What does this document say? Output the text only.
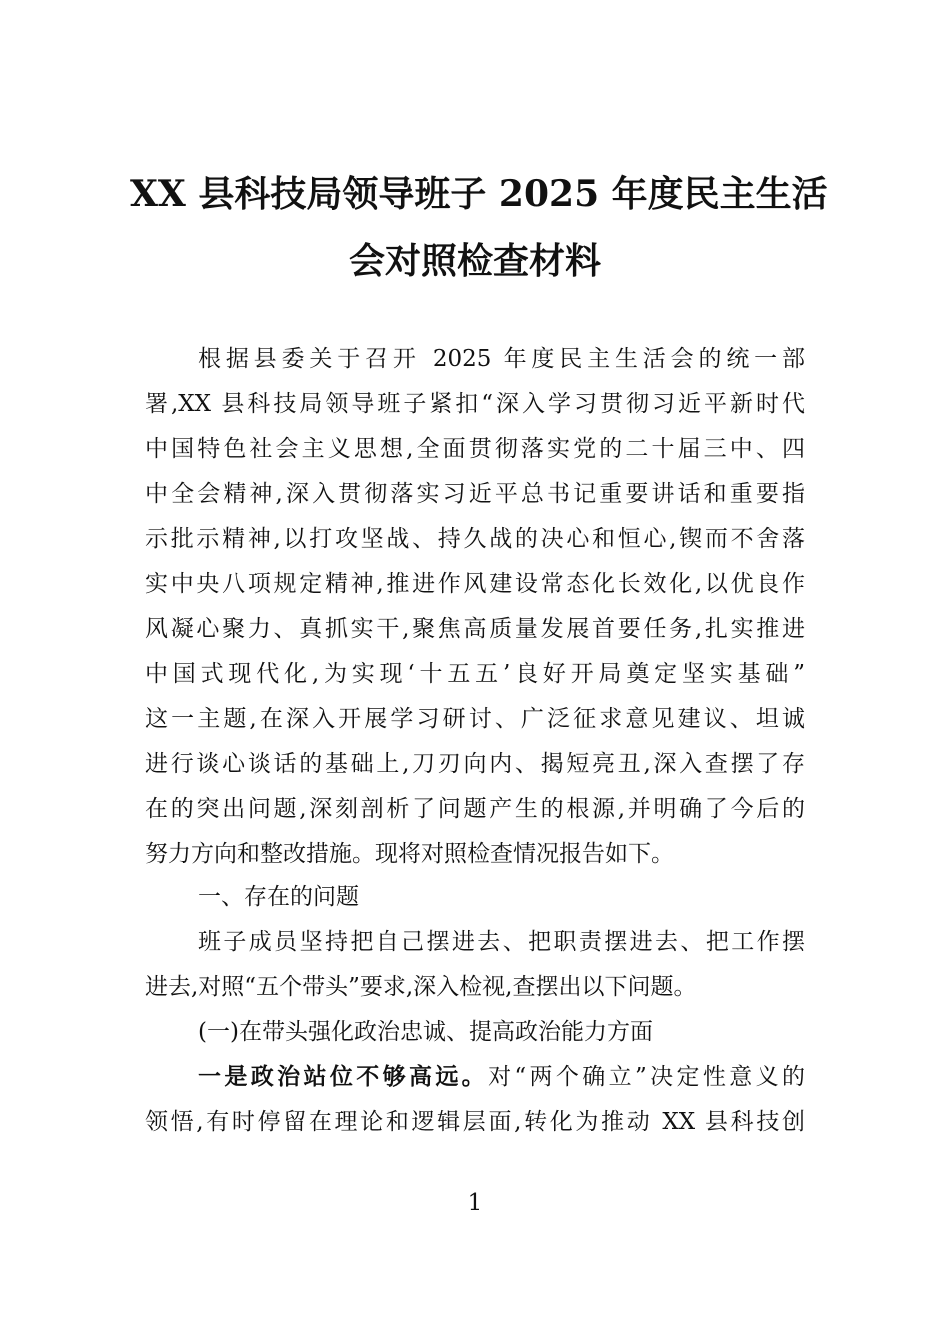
XX 县科技局领导班子 2025 年度民主生活
会对照检查材料

根据县委关于召开 2025 年度民主生活会的统一部

署,XX 县科技局领导班子紧扣“深入学习贯彻习近平新时代

中国特色社会主义思想,全面贯彻落实党的二十届三中、四

中全会精神,深入贯彻落实习近平总书记重要讲话和重要指

示批示精神,以打攻坚战、持久战的决心和恒心,锲而不舍落

实中央八项规定精神,推进作风建设常态化长效化,以优良作

风凝心聚力、真抓实干,聚焦高质量发展首要任务,扎实推进

中国式现代化,为实现‘十五五’良好开局奠定坚实基础”

这一主题,在深入开展学习研讨、广泛征求意见建议、坦诚

进行谈心谈话的基础上,刀刃向内、揭短亮丑,深入查摆了存

在的突出问题,深刻剖析了问题产生的根源,并明确了今后的

努力方向和整改措施。现将对照检查情况报告如下。

一、存在的问题

班子成员坚持把自己摆进去、把职责摆进去、把工作摆

进去,对照“五个带头”要求,深入检视,查摆出以下问题。

(一)在带头强化政治忠诚、提高政治能力方面

一是政治站位不够高远。对“两个确立”决定性意义的

领悟,有时停留在理论和逻辑层面,转化为推动 XX 县科技创

1
